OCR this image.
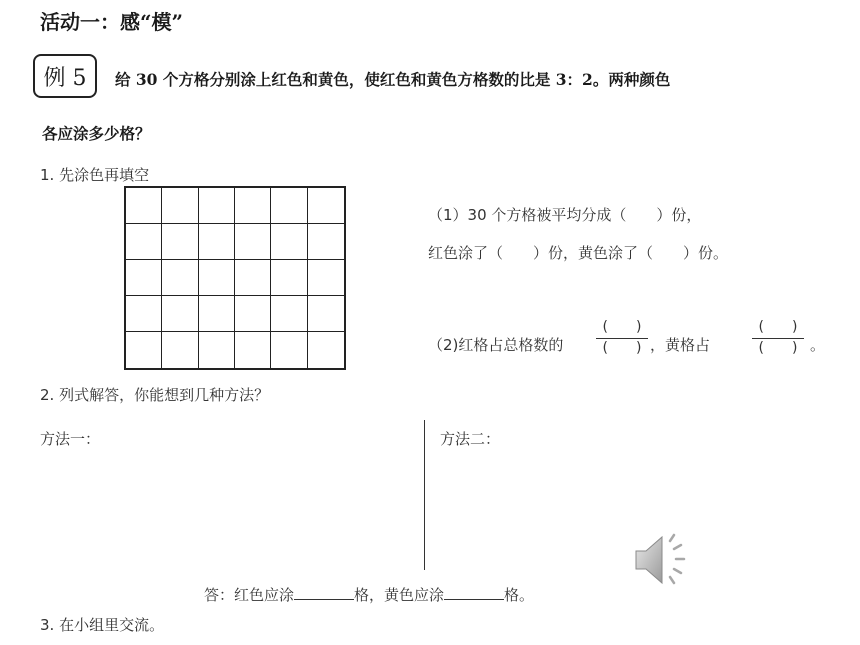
活动一：感“模”
例 5	给 30 个方格分别涂上红色和黄色，使红色和黄色方格数的比是 3：2。两种颜色
各应涂多少格？
1. 先涂色再填空
（1）30 个方格被平均分成（　　）份，
红色涂了（　　）份，黄色涂了（　　）份。
（2)红格占总格数的
(　　)
(　　) ，黄格占
(　　)
(　　) 。
2. 列式解答，你能想到几种方法？
方法一：	方法二：
答：红色应涂	格，黄色应涂	格。
3. 在小组里交流。
